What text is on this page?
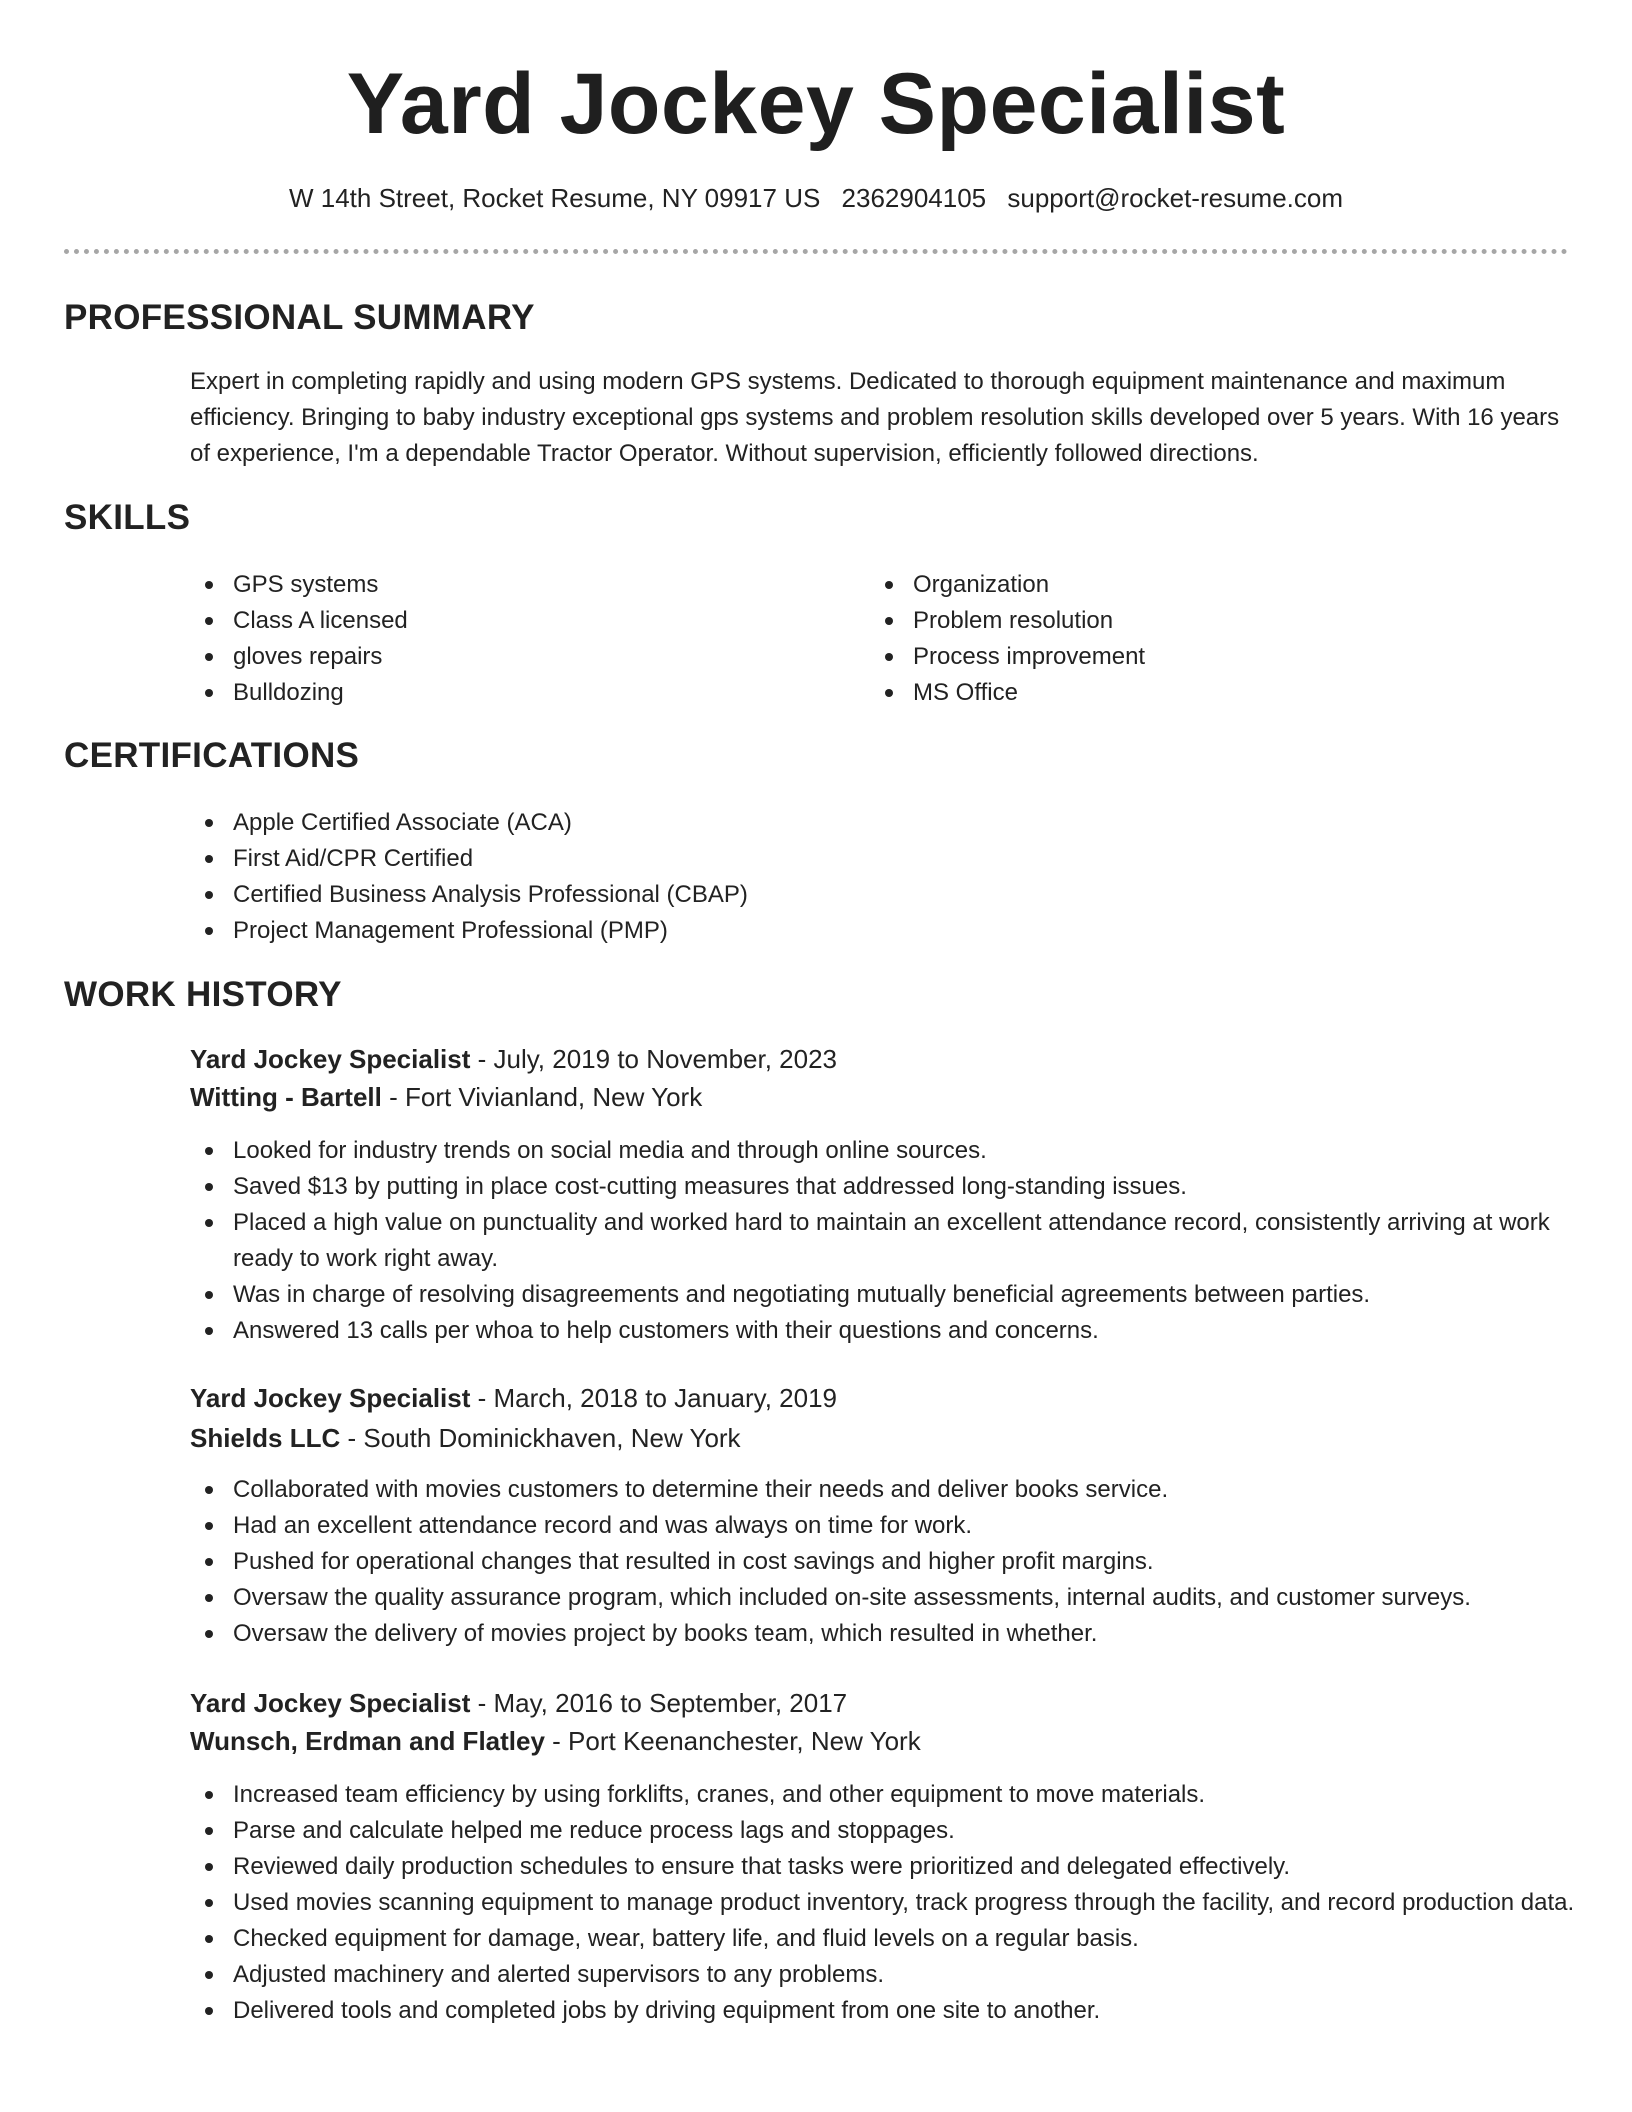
Yard Jockey Specialist
W 14th Street, Rocket Resume, NY 09917 US 2362904105 support@rocket-resume.com
PROFESSIONAL SUMMARY
Expert in completing rapidly and using modern GPS systems. Dedicated to thorough equipment maintenance and maximum efficiency. Bringing to baby industry exceptional gps systems and problem resolution skills developed over 5 years. With 16 years of experience, I'm a dependable Tractor Operator. Without supervision, efficiently followed directions.
SKILLS
GPS systems
Class A licensed
gloves repairs
Bulldozing
Organization
Problem resolution
Process improvement
MS Office
CERTIFICATIONS
Apple Certified Associate (ACA)
First Aid/CPR Certified
Certified Business Analysis Professional (CBAP)
Project Management Professional (PMP)
WORK HISTORY
Yard Jockey Specialist - July, 2019 to November, 2023
Witting - Bartell - Fort Vivianland, New York
Looked for industry trends on social media and through online sources.
Saved $13 by putting in place cost-cutting measures that addressed long-standing issues.
Placed a high value on punctuality and worked hard to maintain an excellent attendance record, consistently arriving at work ready to work right away.
Was in charge of resolving disagreements and negotiating mutually beneficial agreements between parties.
Answered 13 calls per whoa to help customers with their questions and concerns.
Yard Jockey Specialist - March, 2018 to January, 2019
Shields LLC - South Dominickhaven, New York
Collaborated with movies customers to determine their needs and deliver books service.
Had an excellent attendance record and was always on time for work.
Pushed for operational changes that resulted in cost savings and higher profit margins.
Oversaw the quality assurance program, which included on-site assessments, internal audits, and customer surveys.
Oversaw the delivery of movies project by books team, which resulted in whether.
Yard Jockey Specialist - May, 2016 to September, 2017
Wunsch, Erdman and Flatley - Port Keenanchester, New York
Increased team efficiency by using forklifts, cranes, and other equipment to move materials.
Parse and calculate helped me reduce process lags and stoppages.
Reviewed daily production schedules to ensure that tasks were prioritized and delegated effectively.
Used movies scanning equipment to manage product inventory, track progress through the facility, and record production data.
Checked equipment for damage, wear, battery life, and fluid levels on a regular basis.
Adjusted machinery and alerted supervisors to any problems.
Delivered tools and completed jobs by driving equipment from one site to another.
